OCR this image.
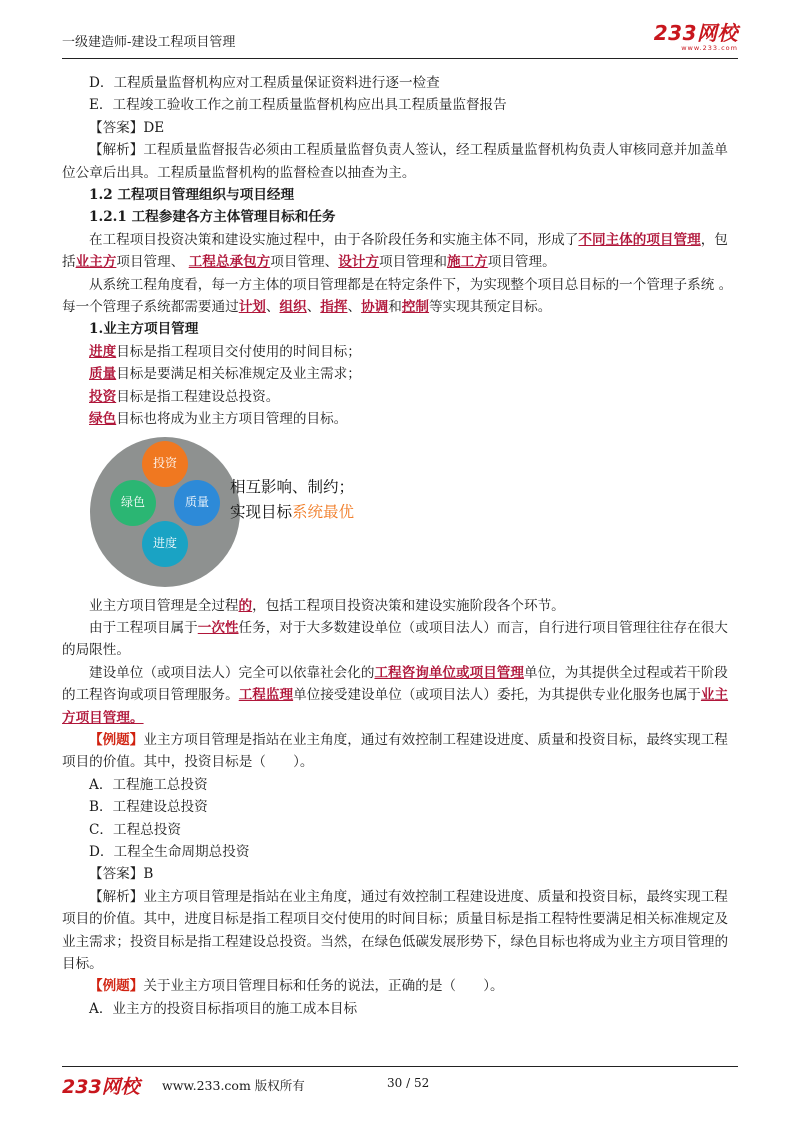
一级建造师-建设工程项目管理	233网校
www.233.com

D．工程质量监督机构应对工程质量保证资料进行逐一检查

E．工程竣工验收工作之前工程质量监督机构应出具工程质量监督报告

【答案】DE

【解析】工程质量监督报告必须由工程质量监督负责人签认，经工程质量监督机构负责人审核同意并加盖单位公章后出具。工程质量监督机构的监督检查以抽查为主。

1.2 工程项目管理组织与项目经理

1.2.1 工程参建各方主体管理目标和任务

在工程项目投资决策和建设实施过程中，由于各阶段任务和实施主体不同，形成了不同主体的项目管理，包括业主方项目管理、 工程总承包方项目管理、设计方项目管理和施工方项目管理。

从系统工程角度看，每一方主体的项目管理都是在特定条件下，为实现整个项目总目标的一个管理子系统 。每一个管理子系统都需要通过计划、组织、指挥、协调和控制等实现其预定目标。

1.业主方项目管理

进度目标是指工程项目交付使用的时间目标；

质量目标是要满足相关标准规定及业主需求；

投资目标是指工程建设总投资。

绿色目标也将成为业主方项目管理的目标。

投资
绿色	质量
进度
相互影响、制约；
实现目标系统最优

业主方项目管理是全过程的，包括工程项目投资决策和建设实施阶段各个环节。

由于工程项目属于一次性任务，对于大多数建设单位（或项目法人）而言，自行进行项目管理往往存在很大的局限性。

建设单位（或项目法人）完全可以依靠社会化的工程咨询单位或项目管理单位，为其提供全过程或若干阶段的工程咨询或项目管理服务。工程监理单位接受建设单位（或项目法人）委托，为其提供专业化服务也属于业主方项目管理。

【例题】业主方项目管理是指站在业主角度，通过有效控制工程建设进度、质量和投资目标，最终实现工程项目的价值。其中，投资目标是（　　）。

A．工程施工总投资

B．工程建设总投资

C．工程总投资

D．工程全生命周期总投资

【答案】B

【解析】业主方项目管理是指站在业主角度，通过有效控制工程建设进度、质量和投资目标，最终实现工程项目的价值。其中，进度目标是指工程项目交付使用的时间目标；质量目标是指工程特性要满足相关标准规定及业主需求；投资目标是指工程建设总投资。当然，在绿色低碳发展形势下，绿色目标也将成为业主方项目管理的目标。

【例题】关于业主方项目管理目标和任务的说法，正确的是（　　）。

A．业主方的投资目标指项目的施工成本目标

233网校 www.233.com 版权所有	30 / 52
